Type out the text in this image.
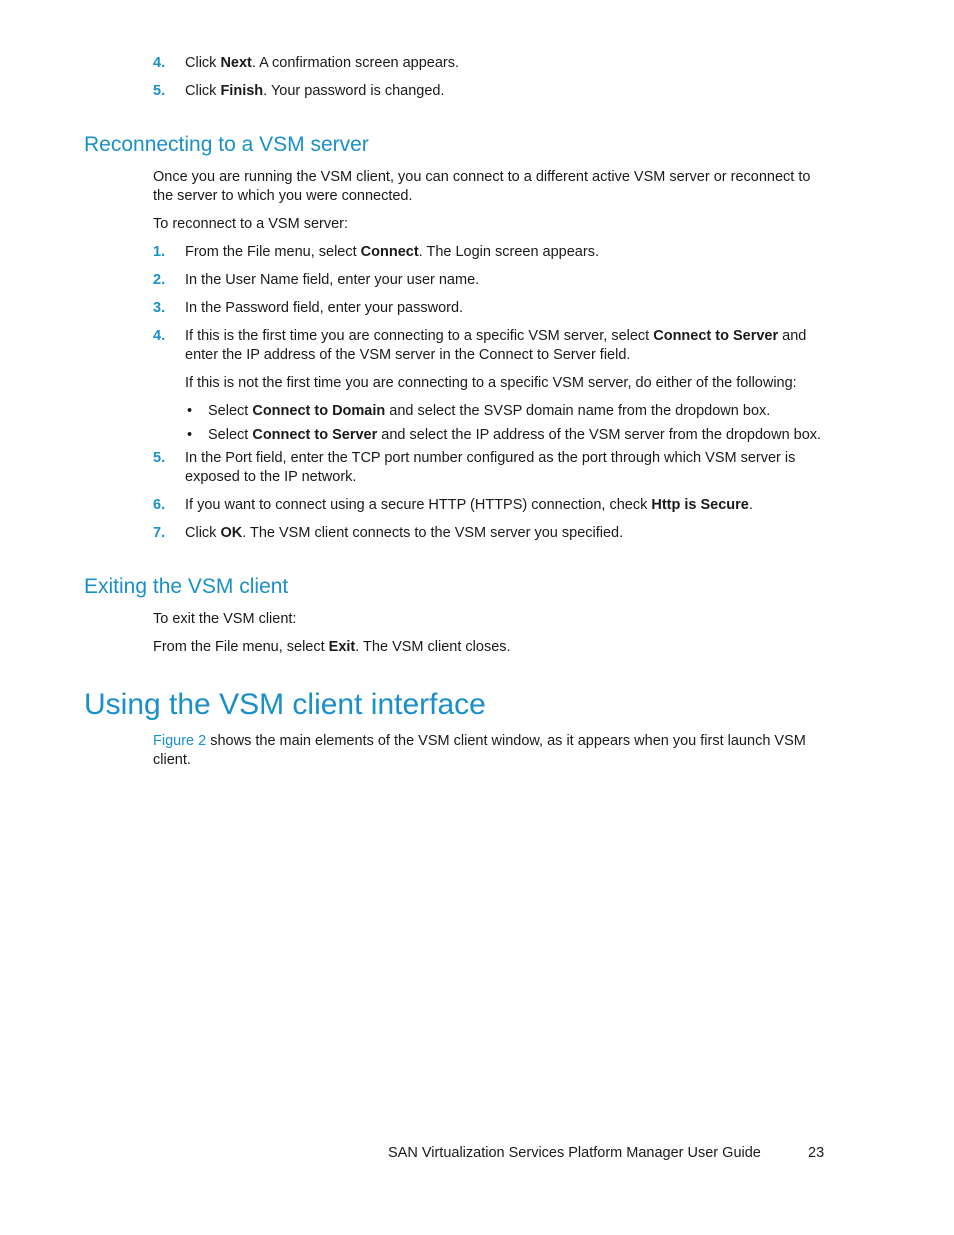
4. Click Next. A confirmation screen appears.

5. Click Finish. Your password is changed.

Reconnecting to a VSM server

Once you are running the VSM client, you can connect to a different active VSM server or reconnect to the server to which you were connected.

To reconnect to a VSM server:

1. From the File menu, select Connect. The Login screen appears.

2. In the User Name field, enter your user name.

3. In the Password field, enter your password.

4. If this is the first time you are connecting to a specific VSM server, select Connect to Server and enter the IP address of the VSM server in the Connect to Server field.

If this is not the first time you are connecting to a specific VSM server, do either of the following:

• Select Connect to Domain and select the SVSP domain name from the dropdown box.
• Select Connect to Server and select the IP address of the VSM server from the dropdown box.
5. In the Port field, enter the TCP port number configured as the port through which VSM server is exposed to the IP network.

6. If you want to connect using a secure HTTP (HTTPS) connection, check Http is Secure.

7. Click OK. The VSM client connects to the VSM server you specified.

Exiting the VSM client

To exit the VSM client:

From the File menu, select Exit. The VSM client closes.

Using the VSM client interface

Figure 2 shows the main elements of the VSM client window, as it appears when you first launch VSM client.

SAN Virtualization Services Platform Manager User Guide	23
